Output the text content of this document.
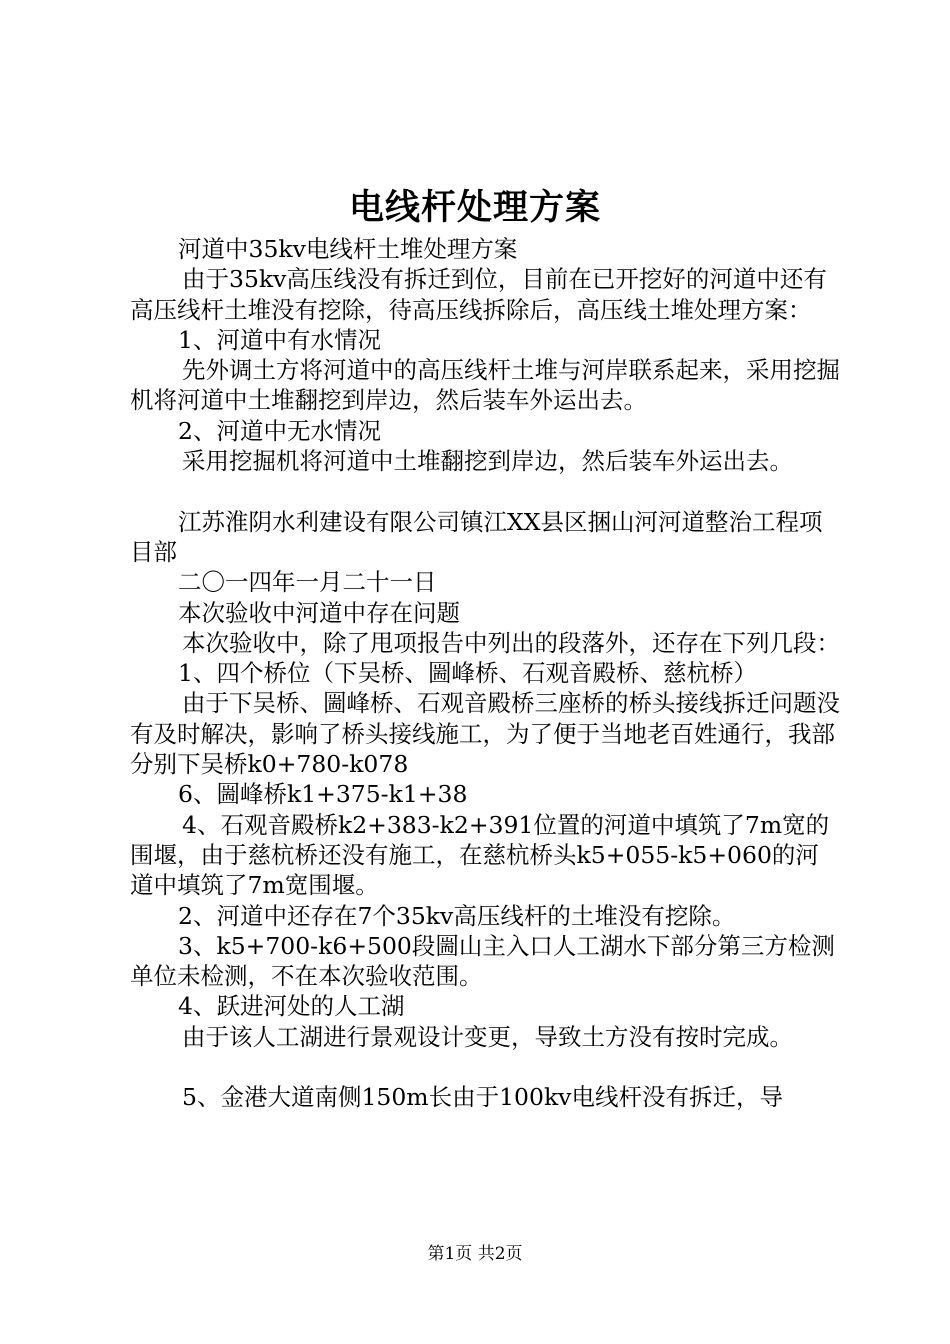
电线杆处理方案

河道中35kv电线杆土堆处理方案

由于35kv高压线没有拆迁到位，目前在已开挖好的河道中还有高压线杆土堆没有挖除，待高压线拆除后，高压线土堆处理方案：

1、河道中有水情况

先外调土方将河道中的高压线杆土堆与河岸联系起来，采用挖掘机将河道中土堆翻挖到岸边，然后装车外运出去。

2、河道中无水情况

采用挖掘机将河道中土堆翻挖到岸边，然后装车外运出去。

江苏淮阴水利建设有限公司镇江XX县区捆山河河道整治工程项目部

二〇一四年一月二十一日

本次验收中河道中存在问题

本次验收中，除了甩项报告中列出的段落外，还存在下列几段：

1、四个桥位（下吴桥、圌峰桥、石观音殿桥、慈杭桥）

由于下吴桥、圌峰桥、石观音殿桥三座桥的桥头接线拆迁问题没有及时解决，影响了桥头接线施工，为了便于当地老百姓通行，我部分别下吴桥k0+780-k078

6、圌峰桥k1+375-k1+38

4、石观音殿桥k2+383-k2+391位置的河道中填筑了7m宽的围堰，由于慈杭桥还没有施工，在慈杭桥头k5+055-k5+060的河道中填筑了7m宽围堰。

2、河道中还存在7个35kv高压线杆的土堆没有挖除。

3、k5+700-k6+500段圌山主入口人工湖水下部分第三方检测单位未检测，不在本次验收范围。

4、跃进河处的人工湖

由于该人工湖进行景观设计变更，导致土方没有按时完成。

5、金港大道南侧150m长由于100kv电线杆没有拆迁，导

第1页 共2页
